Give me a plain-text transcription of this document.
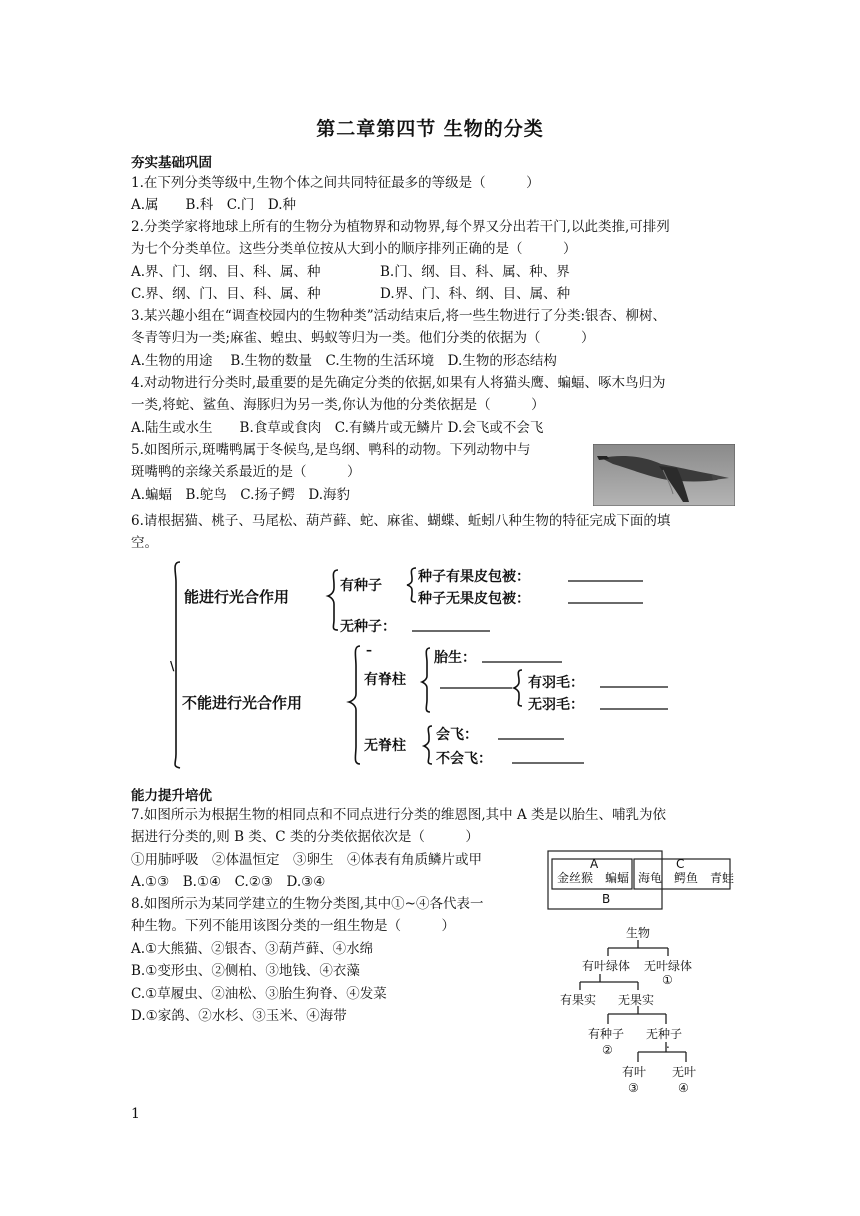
第二章第四节 生物的分类
夯实基础巩固
1.在下列分类等级中,生物个体之间共同特征最多的等级是（　　　）
A.属　　B.科　C.门　D.种
2.分类学家将地球上所有的生物分为植物界和动物界,每个界又分出若干门,以此类推,可排列
为七个分类单位。这些分类单位按从大到小的顺序排列正确的是（　　　）
A.界、门、纲、目、科、属、种	B.门、纲、目、科、属、种、界
C.界、纲、门、目、科、属、种	D.界、门、科、纲、目、属、种
3.某兴趣小组在“调查校园内的生物种类”活动结束后,将一些生物进行了分类:银杏、柳树、
冬青等归为一类;麻雀、蝗虫、蚂蚁等归为一类。他们分类的依据为（　　　）
A.生物的用途　 B.生物的数量　C.生物的生活环境　D.生物的形态结构
4.对动物进行分类时,最重要的是先确定分类的依据,如果有人将猫头鹰、蝙蝠、啄木鸟归为
一类,将蛇、鲨鱼、海豚归为另一类,你认为他的分类依据是（　　　）
A.陆生或水生　　B.食草或食肉　C.有鳞片或无鳞片 D.会飞或不会飞
5.如图所示,斑嘴鸭属于冬候鸟,是鸟纲、鸭科的动物。下列动物中与
斑嘴鸭的亲缘关系最近的是（　　　）
A.蝙蝠　B.鸵鸟　C.扬子鳄　D.海豹
6.请根据猫、桃子、马尾松、葫芦藓、蛇、麻雀、蝴蝶、蚯蚓八种生物的特征完成下面的填
空。
能进行光合作用
有种子
种子有果皮包被：
种子无果皮包被：
无种子：
\
不能进行光合作用
–
有脊柱
胎生：
有羽毛：
无羽毛：
无脊柱
会飞：
不会飞：
能力提升培优
7.如图所示为根据生物的相同点和不同点进行分类的维恩图,其中 A 类是以胎生、哺乳为依
据进行分类的,则 B 类、C 类的分类依据依次是（　　　）
①用肺呼吸　②体温恒定　③卵生　④体表有角质鳞片或甲
A.①③　B.①④　C.②③　D.③④
A
金丝猴　蝙蝠
C
海龟　鳄鱼　青蛙
B
8.如图所示为某同学建立的生物分类图,其中①~④各代表一
种生物。下列不能用该图分类的一组生物是（　　　）
A.①大熊猫、②银杏、③葫芦藓、④水绵
B.①变形虫、②侧柏、③地钱、④衣藻
C.①草履虫、②油松、③胎生狗脊、④发菜
D.①家鸽、②水杉、③玉米、④海带
生物
有叶绿体 无叶绿体
①
有果实 无果实
有种子 无种子
②	.
有叶 无叶
③	④
1
